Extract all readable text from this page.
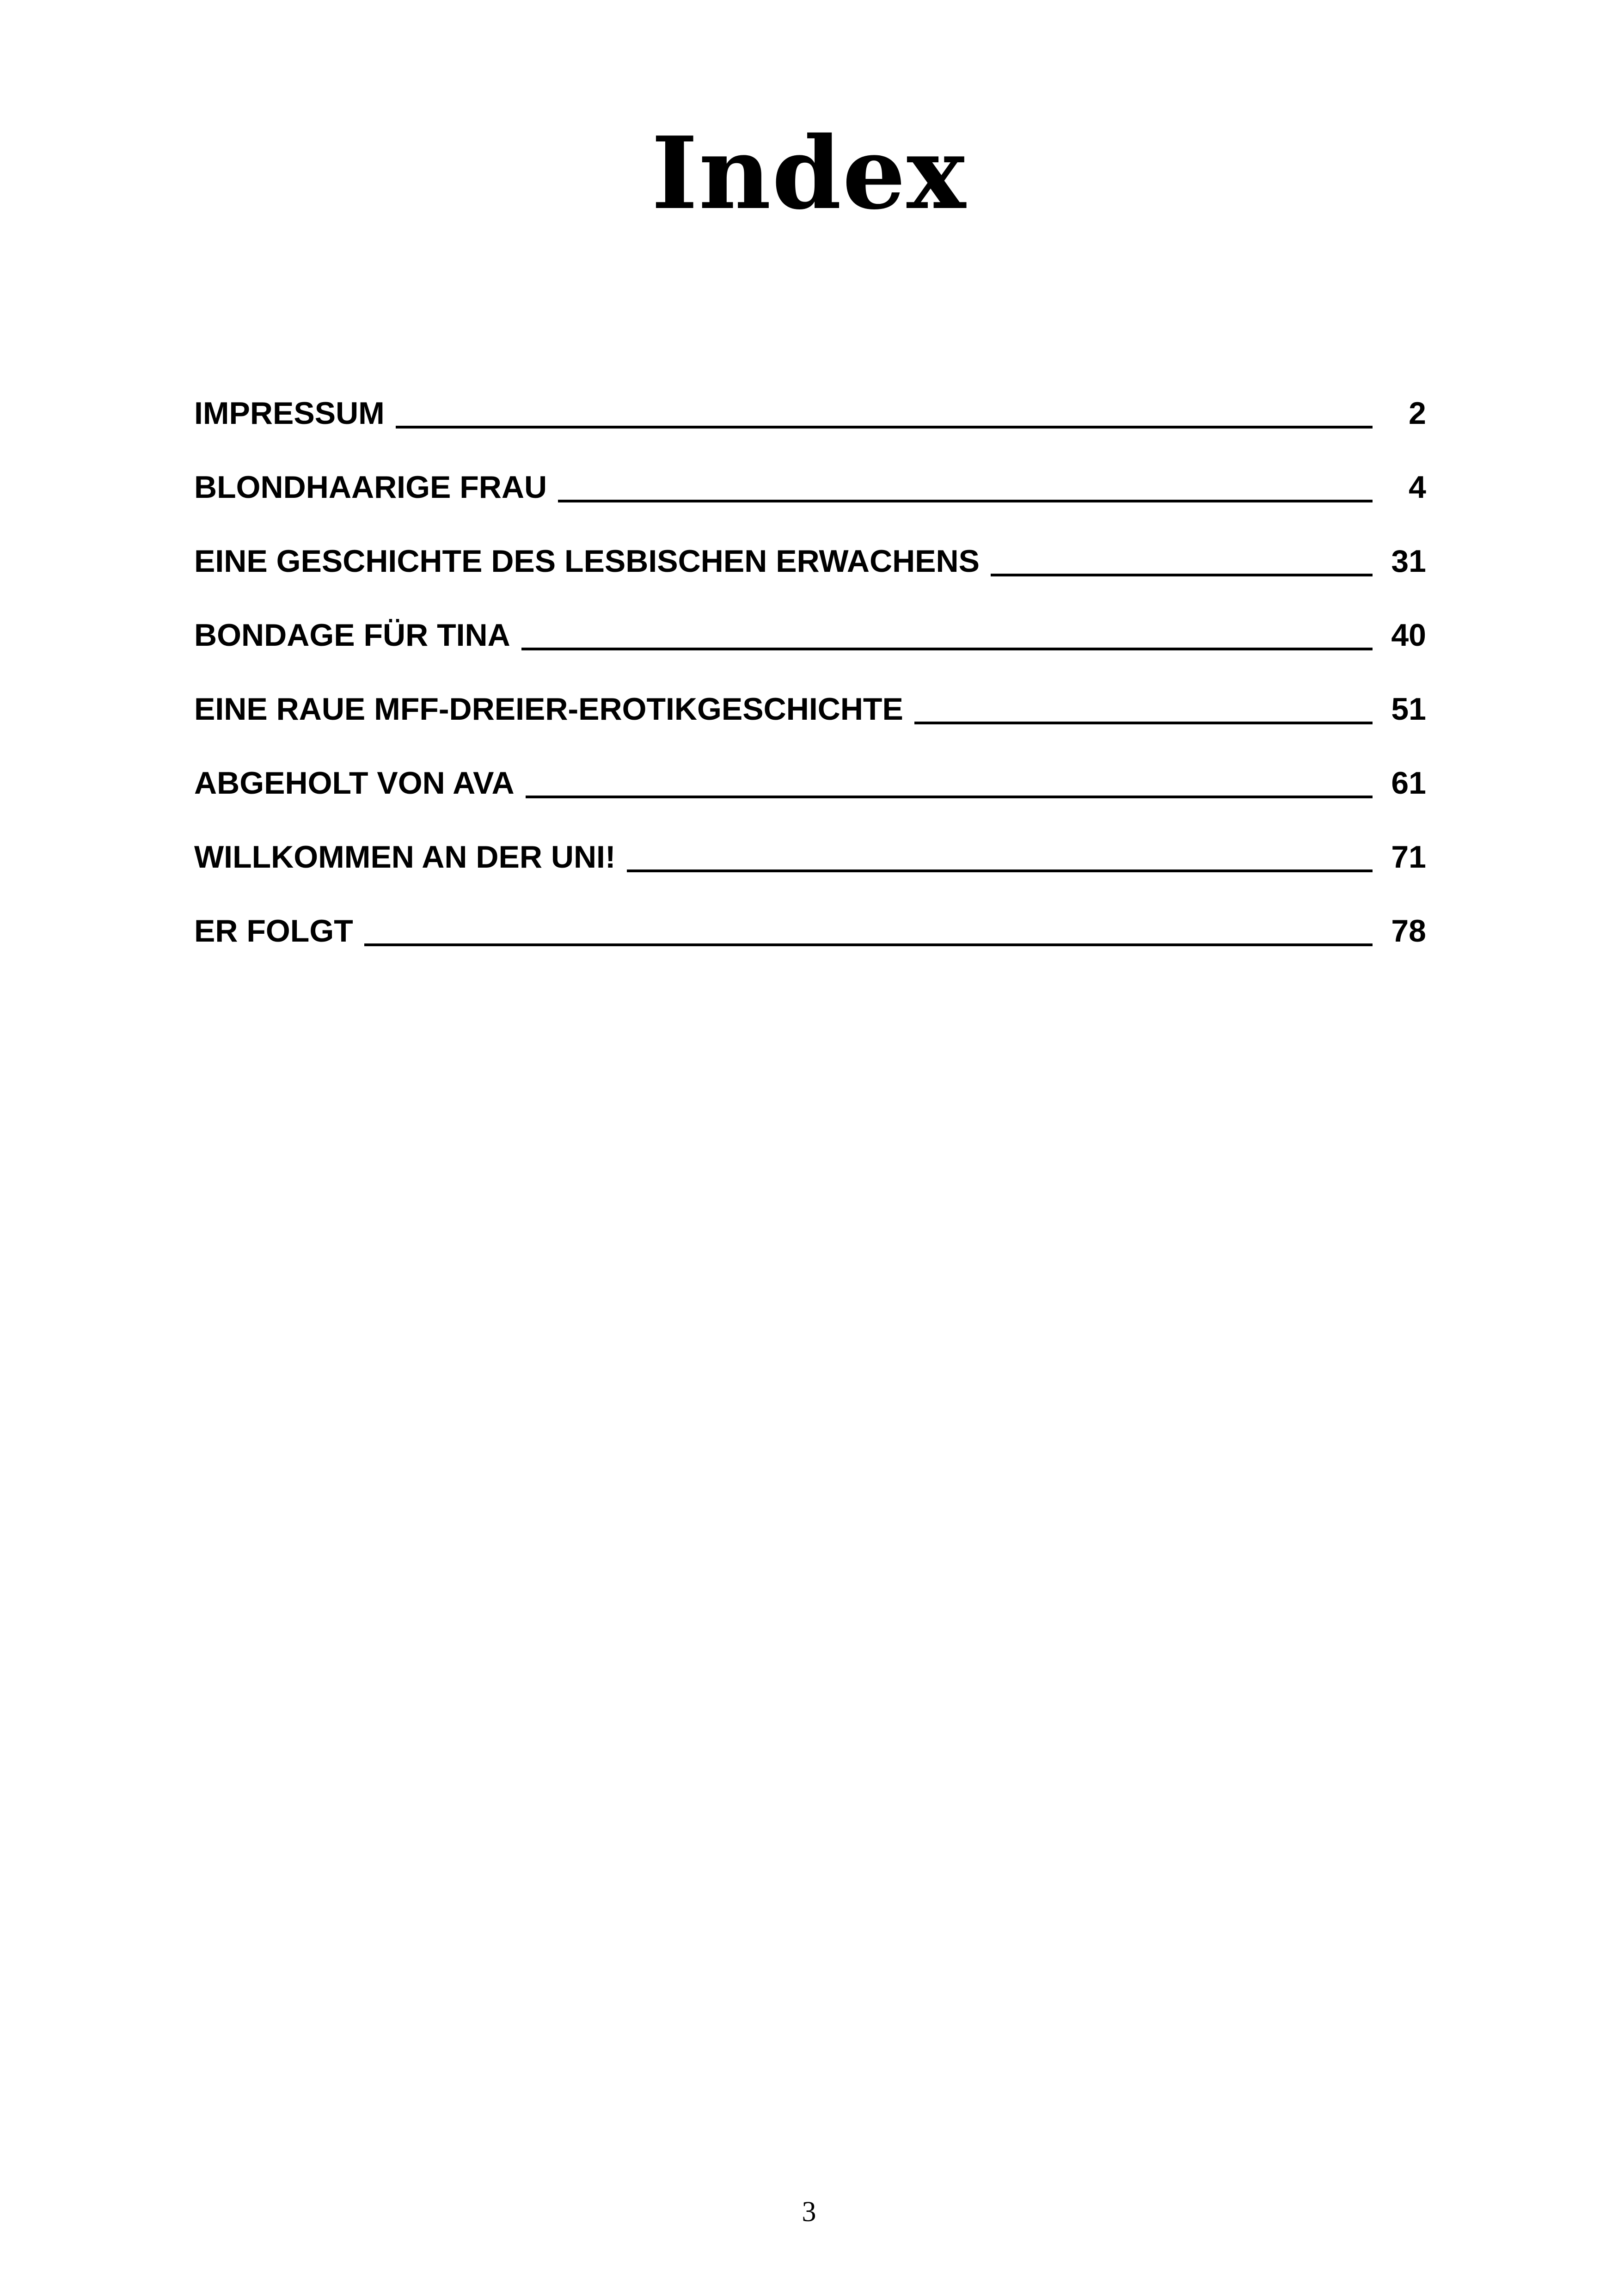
Index
IMPRESSUM	2
BLONDHAARIGE FRAU	4
EINE GESCHICHTE DES LESBISCHEN ERWACHENS	31
BONDAGE FÜR TINA	40
EINE RAUE MFF-DREIER-EROTIKGESCHICHTE	51
ABGEHOLT VON AVA	61
WILLKOMMEN AN DER UNI!	71
ER FOLGT	78
3
